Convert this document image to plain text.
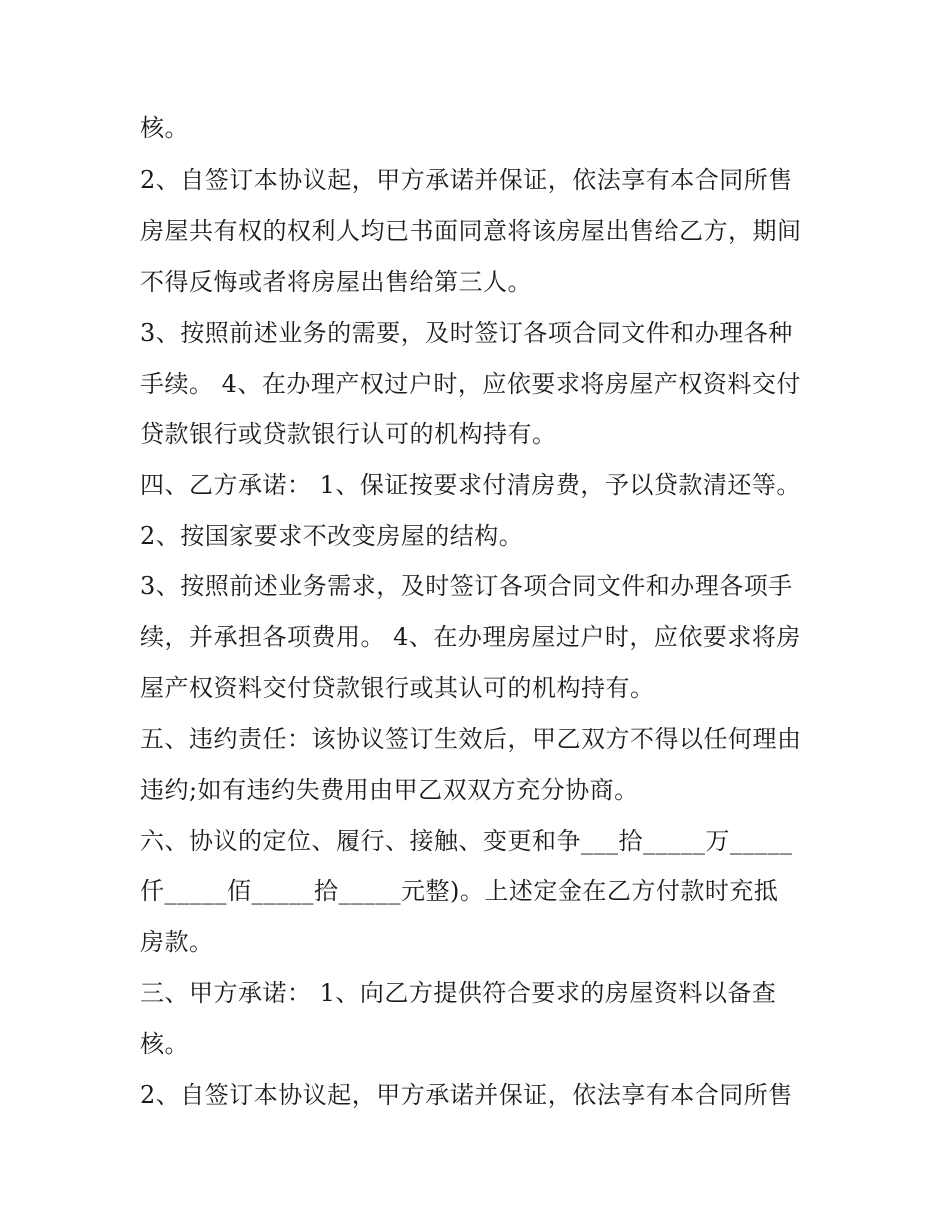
核。
2、自签订本协议起，甲方承诺并保证，依法享有本合同所售
房屋共有权的权利人均已书面同意将该房屋出售给乙方，期间
不得反悔或者将房屋出售给第三人。
3、按照前述业务的需要，及时签订各项合同文件和办理各种
手续。 4、在办理产权过户时，应依要求将房屋产权资料交付
贷款银行或贷款银行认可的机构持有。
四、乙方承诺： 1、保证按要求付清房费，予以贷款清还等。
2、按国家要求不改变房屋的结构。
3、按照前述业务需求，及时签订各项合同文件和办理各项手
续，并承担各项费用。 4、在办理房屋过户时，应依要求将房
屋产权资料交付贷款银行或其认可的机构持有。
五、违约责任：该协议签订生效后，甲乙双方不得以任何理由
违约;如有违约失费用由甲乙双双方充分协商。
六、协议的定位、履行、接触、变更和争___拾_____万_____
仟_____佰_____拾_____元整)。上述定金在乙方付款时充抵
房款。
三、甲方承诺： 1、向乙方提供符合要求的房屋资料以备查
核。
2、自签订本协议起，甲方承诺并保证，依法享有本合同所售
